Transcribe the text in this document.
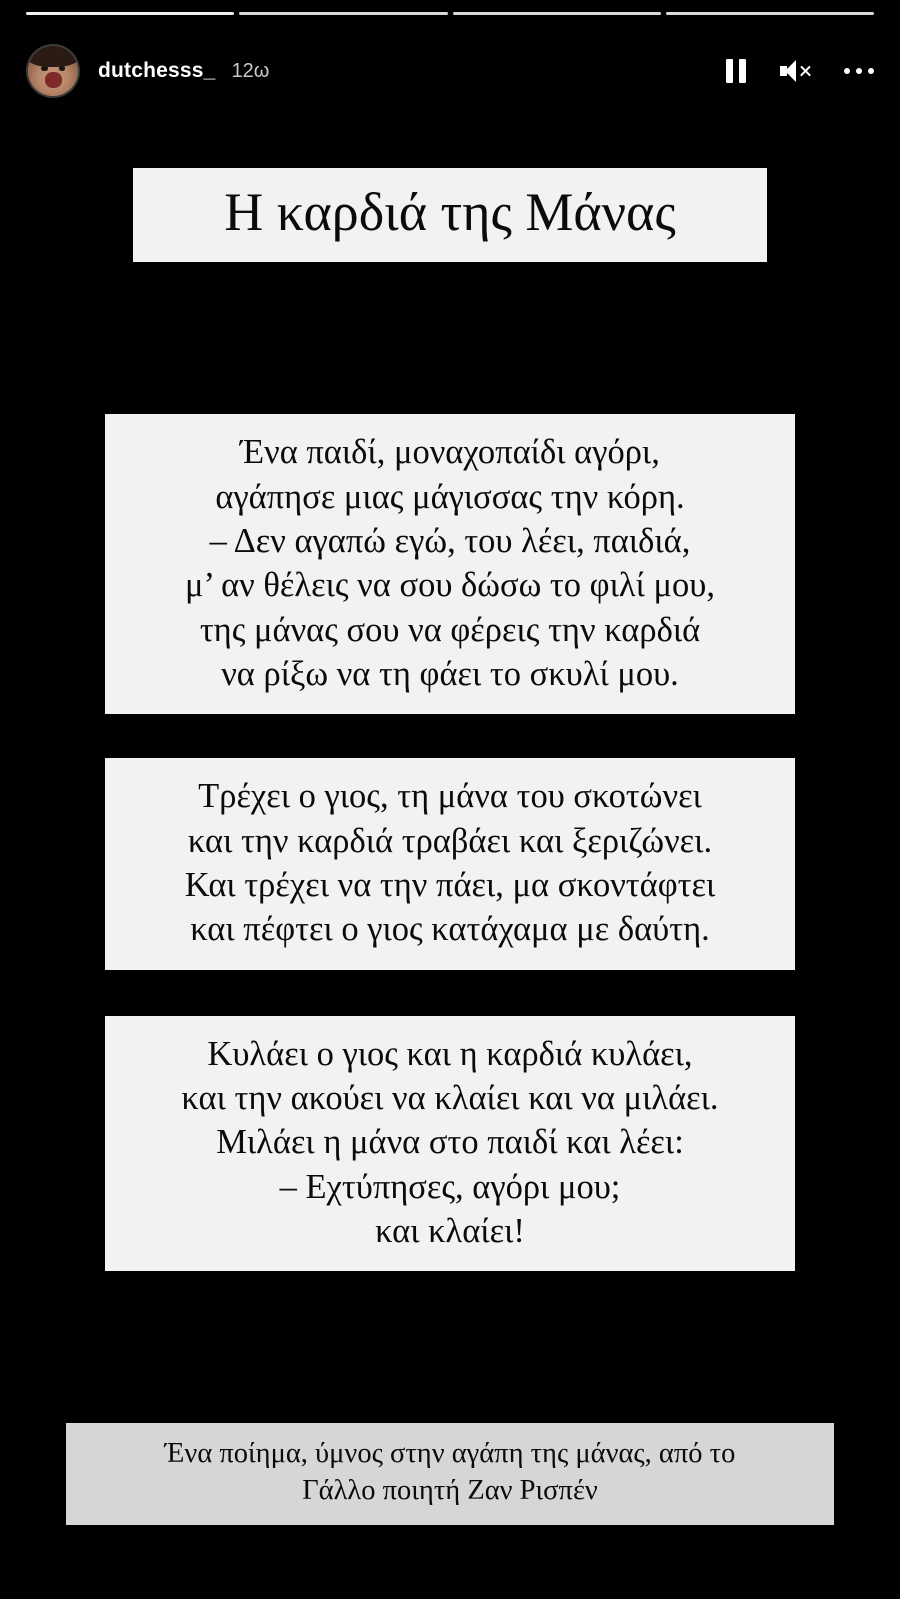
dutchesss_ 12ω
Η καρδιά της Μάνας
Ένα παιδί, μοναχοπαίδι αγόρι,
αγάπησε μιας μάγισσας την κόρη.
– Δεν αγαπώ εγώ, του λέει, παιδιά,
μ’ αν θέλεις να σου δώσω το φιλί μου,
της μάνας σου να φέρεις την καρδιά
να ρίξω να τη φάει το σκυλί μου.
Τρέχει ο γιος, τη μάνα του σκοτώνει
και την καρδιά τραβάει και ξεριζώνει.
Και τρέχει να την πάει, μα σκοντάφτει
και πέφτει ο γιος κατάχαμα με δαύτη.
Κυλάει ο γιος και η καρδιά κυλάει,
και την ακούει να κλαίει και να μιλάει.
Μιλάει η μάνα στο παιδί και λέει:
– Εχτύπησες, αγόρι μου;
και κλαίει!
Ένα ποίημα, ύμνος στην αγάπη της μάνας, από το
Γάλλο ποιητή Ζαν Ρισπέν
